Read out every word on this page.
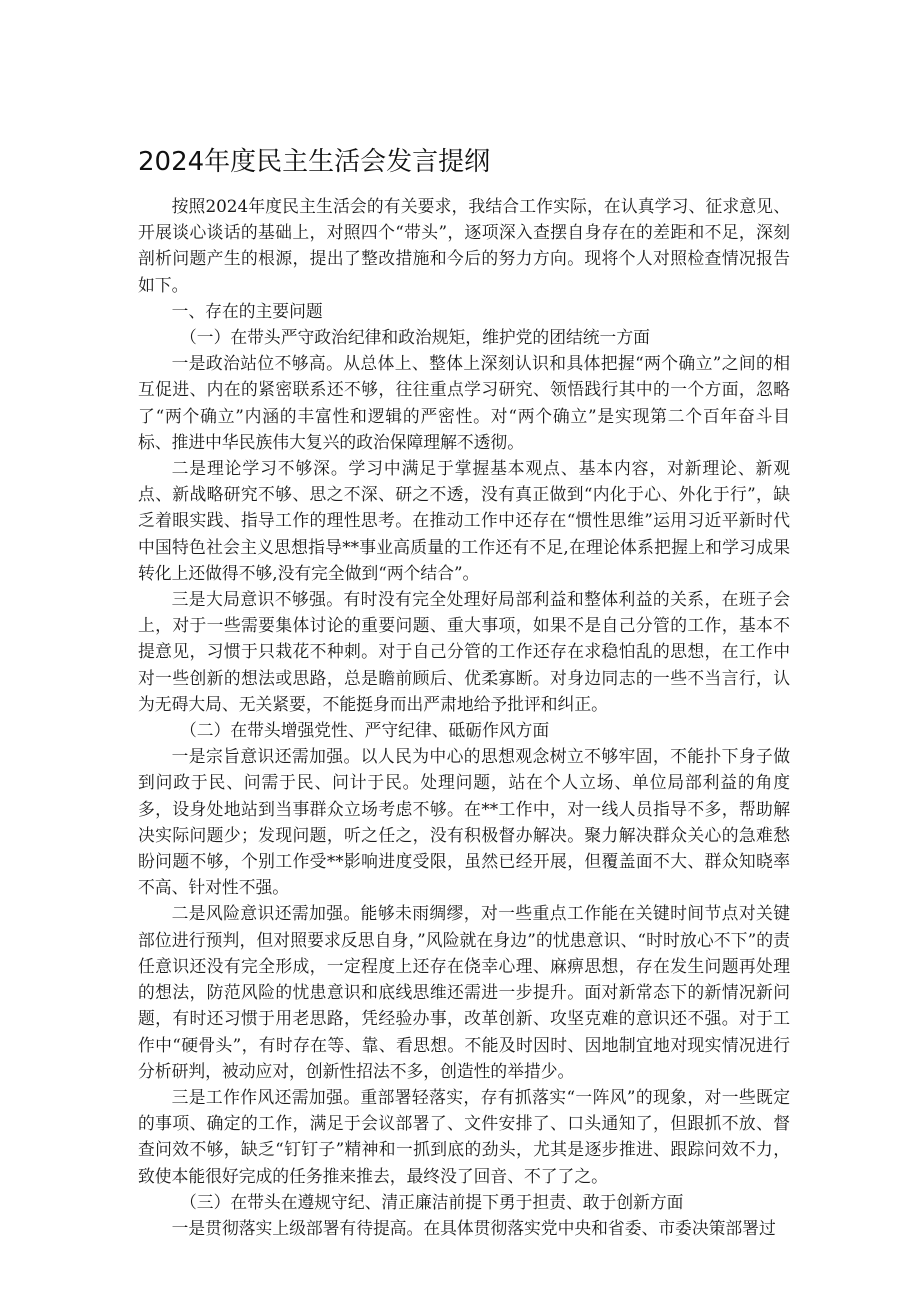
2024年度民主生活会发言提纲

按照2024年度民主生活会的有关要求，我结合工作实际，在认真学习、征求意见、开展谈心谈话的基础上，对照四个“带头”，逐项深入查摆自身存在的差距和不足，深刻剖析问题产生的根源，提出了整改措施和今后的努力方向。现将个人对照检查情况报告如下。

一、存在的主要问题

（一）在带头严守政治纪律和政治规矩，维护党的团结统一方面

一是政治站位不够高。从总体上、整体上深刻认识和具体把握“两个确立”之间的相互促进、内在的紧密联系还不够，往往重点学习研究、领悟践行其中的一个方面，忽略了“两个确立”内涵的丰富性和逻辑的严密性。对“两个确立”是实现第二个百年奋斗目标、推进中华民族伟大复兴的政治保障理解不透彻。

二是理论学习不够深。学习中满足于掌握基本观点、基本内容，对新理论、新观点、新战略研究不够、思之不深、研之不透，没有真正做到“内化于心、外化于行”，缺乏着眼实践、指导工作的理性思考。在推动工作中还存在“惯性思维”运用习近平新时代中国特色社会主义思想指导**事业高质量的工作还有不足,在理论体系把握上和学习成果转化上还做得不够,没有完全做到“两个结合”。

三是大局意识不够强。有时没有完全处理好局部利益和整体利益的关系，在班子会上，对于一些需要集体讨论的重要问题、重大事项，如果不是自己分管的工作，基本不提意见，习惯于只栽花不种刺。对于自己分管的工作还存在求稳怕乱的思想，在工作中对一些创新的想法或思路，总是瞻前顾后、优柔寡断。对身边同志的一些不当言行，认为无碍大局、无关紧要，不能挺身而出严肃地给予批评和纠正。

（二）在带头增强党性、严守纪律、砥砺作风方面

一是宗旨意识还需加强。以人民为中心的思想观念树立不够牢固，不能扑下身子做到问政于民、问需于民、问计于民。处理问题，站在个人立场、单位局部利益的角度多，设身处地站到当事群众立场考虑不够。在**工作中，对一线人员指导不多，帮助解决实际问题少；发现问题，听之任之，没有积极督办解决。聚力解决群众关心的急难愁盼问题不够，个别工作受**影响进度受限，虽然已经开展，但覆盖面不大、群众知晓率不高、针对性不强。

二是风险意识还需加强。能够未雨绸缪，对一些重点工作能在关键时间节点对关键部位进行预判，但对照要求反思自身，”风险就在身边”的忧患意识、“时时放心不下”的责任意识还没有完全形成，一定程度上还存在侥幸心理、麻痹思想，存在发生问题再处理的想法，防范风险的忧患意识和底线思维还需进一步提升。面对新常态下的新情况新问题，有时还习惯于用老思路，凭经验办事，改革创新、攻坚克难的意识还不强。对于工作中“硬骨头”，有时存在等、靠、看思想。不能及时因时、因地制宜地对现实情况进行分析研判，被动应对，创新性招法不多，创造性的举措少。

三是工作作风还需加强。重部署轻落实，存有抓落实“一阵风”的现象，对一些既定的事项、确定的工作，满足于会议部署了、文件安排了、口头通知了，但跟抓不放、督查问效不够，缺乏“钉钉子”精神和一抓到底的劲头，尤其是逐步推进、跟踪问效不力，致使本能很好完成的任务推来推去，最终没了回音、不了了之。

（三）在带头在遵规守纪、清正廉洁前提下勇于担责、敢于创新方面

一是贯彻落实上级部署有待提高。在具体贯彻落实党中央和省委、市委决策部署过
